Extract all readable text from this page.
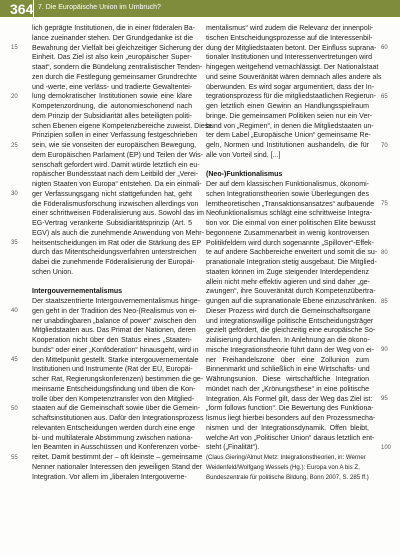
364 7. Die Europäische Union im Umbruch?
lich geprägte Institutionen, die in einer föderalen Ba-
lance zueinander stehen. Der Grundgedanke ist die
Bewahrung der Vielfalt bei gleichzeitiger Sicherung der
Einheit. Das Ziel ist also kein „europäischer Super-
staat“, sondern die Bündelung zentralistischer Tenden-
zen durch die Festlegung gemeinsamer Grundrechte
und -werte, eine verläss- und tradierte Gewaltentei-
lung demokratischer Institutionen sowie eine klare
Kompetenzordnung, die autonomieschonend nach
dem Prinzip der Subsidiarität alles beteiligten politi-
schen Ebenen eigene Kompetenzbereiche zuweist. Diese
Prinzipien sollen in einer Verfassung festgeschrieben
sein, wie sie vonseiten der europäischen Bewegung,
dem Europäischen Parlament (EP) und Teilen der Wis-
senschaft gefordert wird. Damit würde letztlich ein eu-
ropäischer Bundesstaat nach dem Leitbild der „Verei-
nigten Staaten von Europa“ entstehen. Da ein einmali-
ger Verfassungsgang nicht stattgefunden hat, geht
die Föderalismusforschung inzwischen allerdings von
einer schrittweisen Föderalisierung aus. Sowohl das im
EG-Vertrag verankerte Subsidiaritätsprinzip (Art. 5
EGV) als auch die zunehmende Anwendung von Mehr-
heitsentscheidungen im Rat oder die Stärkung des EP
durch das Mitentscheidungsverfahren unterstreichen
dabei die zunehmende Föderalisierung der Europäi-
schen Union.
Intergouvernementalismus
Der staatszentrierte Intergouvernementalismus hinge-
gen geht in der Tradition des Neo-(Realismus von ei-
ner unabdingbaren „balance of power“ zwischen den
Mitgliedstaaten aus. Das Primat der Nationen, deren
Kooperation nicht über den Status eines „Staaten-
bunds“ oder einer „Konföderation“ hinausgeht, wird in
den Mittelpunkt gestellt. Starke intergouvernementale
Institutionen und Instrumente (Rat der EU, Europäi-
scher Rat, Regierungskonferenzen) bestimmen die ge-
meinsame Entscheidungsfindung und üben die Kon-
trolle über den Kompetenztransfer von den Mitglied-
staaten auf die Gemeinschaft sowie über die Gemein-
schaftsinstitutionen aus. Dafür den Integrationsprozess
relevanten Entscheidungen werden durch eine enge
bi- und multilaterale Abstimmung zwischen nationa-
len Beamten in Ausschüssen und Konferenzen vorbe-
reitet. Damit bestimmt der – oft kleinste – gemeinsame
Nenner nationaler Interessen den jeweiligen Stand der
Integration. Vor allem im „liberalen Intergouverne-
mentalismus“ wird zudem die Relevanz der innenpoli-
tischen Entscheidungsprozesse auf die Interessenbil-
dung der Mitgliedstaaten betont. Der Einfluss suprana-
tionaler Institutionen und Interessenvertretungen wird
hingegen weitgehend vernachlässigt. Der Nationalstaat
und seine Souveränität wären demnach alles andere als
überwunden. Es wird sogar argumentiert, dass der In-
tegrationsprozess für die mitgliedstaatlichen Regierun-
gen letztlich einen Gewinn an Handlungsspielraum
bringe. Die gemeinsamen Politiken seien nur ein Ver-
bund von „Regimen“, in denen die Mitgliedstaaten un-
ter dem Label „Europäische Union“ gemeinsame Re-
geln, Normen und Institutionen aushandeln, die für
alle von Vorteil sind. [...]
(Neo-)Funktionalismus
Der auf dem klassischen Funktionalismus, ökonomi-
schen Integrationstheorien sowie Überlegungen des
lerntheoretischen „Transaktionsansatzes“ aufbauende
Neofunktionalismus schlägt eine schrittweise Integra-
tion vor. Die einmal von einer politischen Elite bewusst
begonnene Zusammenarbeit in wenig kontroversen
Politikfeldern wird durch sogenannte „Spillover“-Effek-
te auf andere Sachbereiche erweitert und somit die su-
pranationale Integration stetig ausgebaut. Die Mitglied-
staaten können im Zuge steigender Interdependenz
allein nicht mehr effektiv agieren und sind daher „ge-
zwungen“, ihre Souveränität durch Kompetenzübertra-
gungen auf die supranationale Ebene einzuschränken.
Dieser Prozess wird durch die Gemeinschaftsorgane
und integrationswillige politische Entscheidungsträger
gezielt gefördert, die gleichzeitig eine europäische So-
zialisierung durchlaufen. In Anlehnung an die ökono-
mische Integrationstheorie führt dann der Weg von ei-
ner Freihandelszone über eine Zollunion zum
Binnenmarkt und schließlich in eine Wirtschafts- und
Währungsunion. Diese wirtschaftliche Integration
mündet nach der „Krönungsthese“ in eine politische
Integration. Als Formel gilt, dass der Weg das Ziel ist:
„form follows function“. Die Bewertung des Funktiona-
lismus liegt hierbei besonders auf den Prozessmecha-
nismen und der Integrationsdynamik. Offen bleibt,
welche Art von „Politischer Union“ daraus letztlich ent-
steht („Finalität“).
(Claus Giering/Almut Metz: Integrationstheorien, in: Werner
Weidenfeld/Wolfgang Wessels (Hg.): Europa von A bis Z,
Bundeszentrale für politische Bildung, Bonn 2007, S. 285 ff.)
15
20
25
30
35
40
45
50
55
60
65
70
75
80
85
90
95
100
